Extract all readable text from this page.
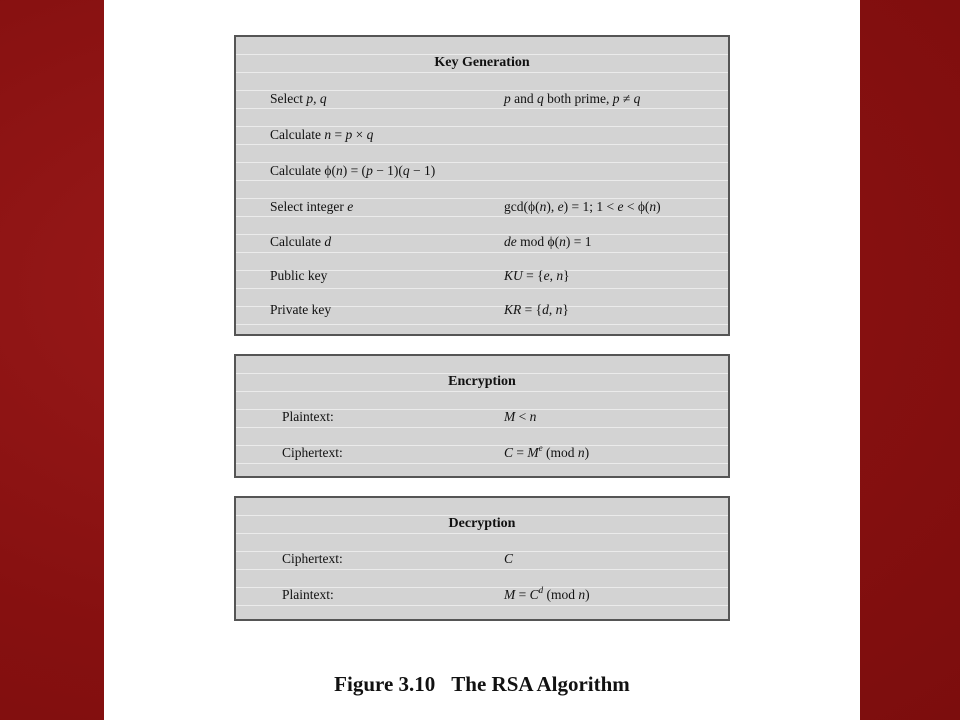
Key Generation
Select p, q	p and q both prime, p ≠ q
Calculate n = p × q
Calculate ϕ(n) = (p − 1)(q − 1)
Select integer e	gcd(ϕ(n), e) = 1; 1 < e < ϕ(n)
Calculate d	de mod ϕ(n) = 1
Public key	KU = {e, n}
Private key	KR = {d, n}
Encryption
Plaintext:	M < n
Ciphertext:	$C = M^e$ (mod n)
Decryption
Ciphertext:	C
Plaintext:	$M = C^d$ (mod n)
Figure 3.10 The RSA Algorithm
